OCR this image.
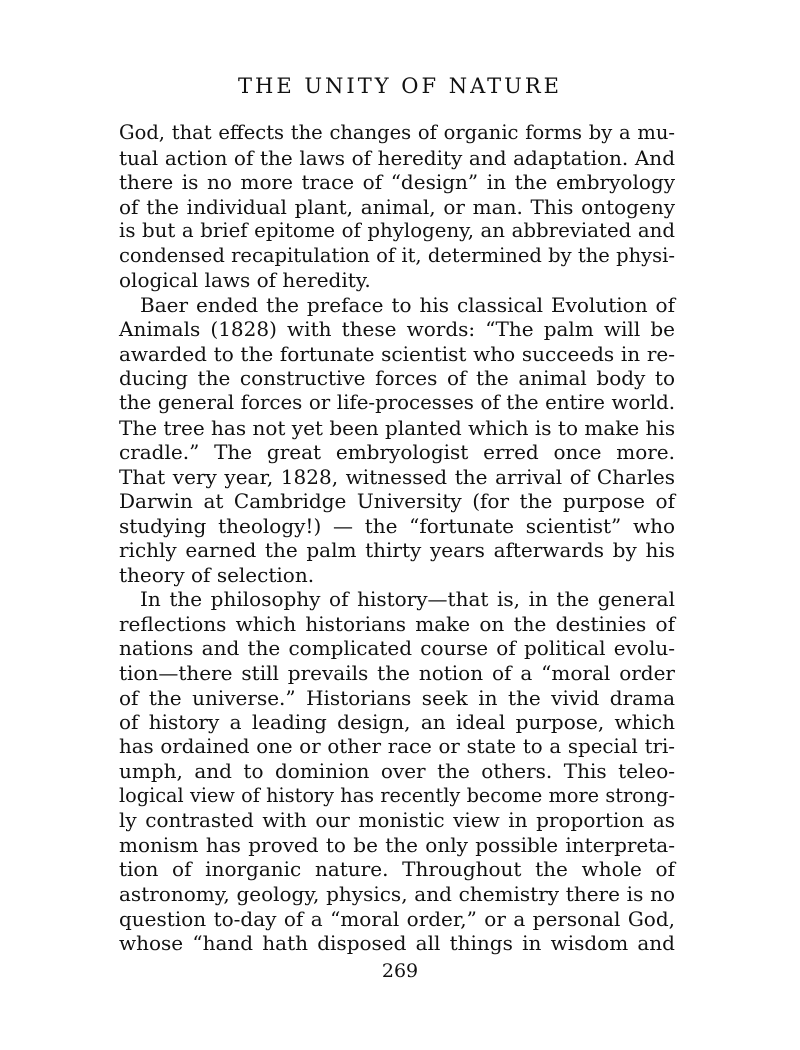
THE UNITY OF NATURE
God, that effects the changes of organic forms by a mu-
tual action of the laws of heredity and adaptation. And
there is no more trace of “design” in the embryology
of the individual plant, animal, or man. This ontogeny
is but a brief epitome of phylogeny, an abbreviated and
condensed recapitulation of it, determined by the physi-
ological laws of heredity.
Baer ended the preface to his classical Evolution of
Animals (1828) with these words: “The palm will be
awarded to the fortunate scientist who succeeds in re-
ducing the constructive forces of the animal body to
the general forces or life-processes of the entire world.
The tree has not yet been planted which is to make his
cradle.” The great embryologist erred once more.
That very year, 1828, witnessed the arrival of Charles
Darwin at Cambridge University (for the purpose of
studying theology!) — the “fortunate scientist” who
richly earned the palm thirty years afterwards by his
theory of selection.
In the philosophy of history—that is, in the general
reflections which historians make on the destinies of
nations and the complicated course of political evolu-
tion—there still prevails the notion of a “moral order
of the universe.” Historians seek in the vivid drama
of history a leading design, an ideal purpose, which
has ordained one or other race or state to a special tri-
umph, and to dominion over the others. This teleo-
logical view of history has recently become more strong-
ly contrasted with our monistic view in proportion as
monism has proved to be the only possible interpreta-
tion of inorganic nature. Throughout the whole of
astronomy, geology, physics, and chemistry there is no
question to-day of a “moral order,” or a personal God,
whose “hand hath disposed all things in wisdom and
269
